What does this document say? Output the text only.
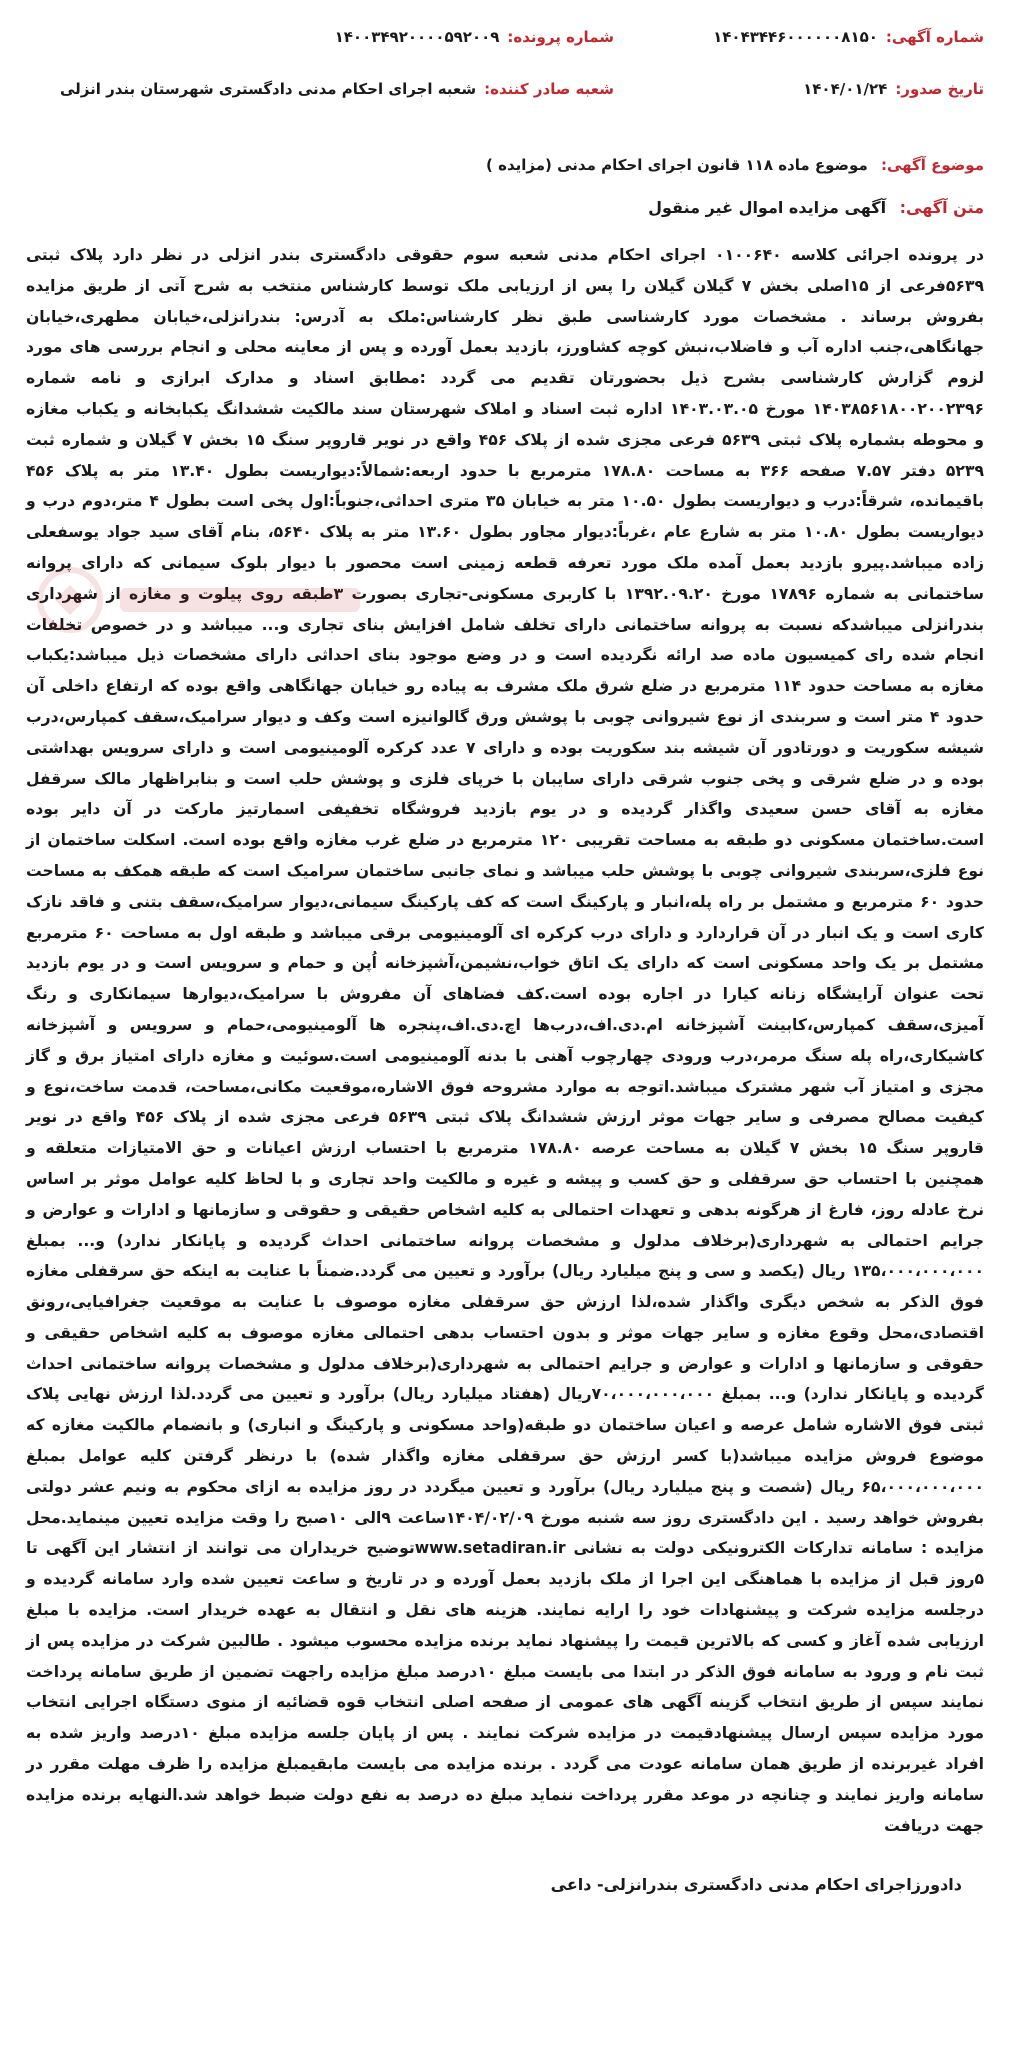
شماره آگهی:
۱۴۰۴۳۴۴۶۰۰۰۰۰۰۸۱۵۰
شماره پرونده:
۱۴۰۰۳۴۹۲۰۰۰۰۵۹۲۰۰۹
تاریخ صدور:
۱۴۰۴/۰۱/۲۴
شعبه صادر کننده:
شعبه اجرای احکام مدنی دادگستری شهرستان بندر انزلی
موضوع آگهی: موضوع ماده ۱۱۸ قانون اجرای احکام مدنی (مزایده )
متن آگهی: آگهی مزایده اموال غیر منقول
در پرونده اجرائی کلاسه ۰۱۰۰۶۴۰ اجرای احکام مدنی شعبه سوم حقوقی دادگستری بندر انزلی در نظر دارد پلاک ثبتی ۵۶۳۹فرعی از ۱۵اصلی بخش ۷ گیلان گیلان را پس از ارزیابی ملک توسط کارشناس منتخب به شرح آتی از طریق مزایده بفروش برساند . مشخصات مورد کارشناسی طبق نظر کارشناس:ملک به آدرس: بندرانزلی،خیابان مطهری،خیابان جهانگاهی،جنب اداره آب و فاضلاب،نبش کوچه کشاورز، بازدید بعمل آورده و پس از معاینه محلی و انجام بررسی های مورد لزوم گزارش کارشناسی بشرح ذیل بحضورتان تقدیم می گردد :مطابق اسناد و مدارک ابرازی و نامه شماره ۱۴۰۳۸۵۶۱۸۰۰۲۰۰۲۳۹۶ مورخ ۱۴۰۳.۰۳.۰۵ اداره ثبت اسناد و املاک شهرستان سند مالکیت ششدانگ یکبابخانه و یکباب مغازه و محوطه بشماره پلاک ثبتی ۵۶۳۹ فرعی مجزی شده از پلاک ۴۵۶ واقع در نویر قاروپر سنگ ۱۵ بخش ۷ گیلان و شماره ثبت ۵۲۳۹ دفتر ۷.۵۷ صفحه ۳۶۶ به مساحت ۱۷۸.۸۰ مترمربع با حدود اربعه:شمالاً:دیواریست بطول ۱۳.۴۰ متر به پلاک ۴۵۶ باقیمانده، شرقاً:درب و دیواریست بطول ۱۰.۵۰ متر به خیابان ۳۵ متری احداثی،جنوباً:اول پخی است بطول ۴ متر،دوم درب و دیواریست بطول ۱۰.۸۰ متر به شارع عام ،غرباً:دیوار مجاور بطول ۱۳.۶۰ متر به پلاک ۵۶۴۰، بنام آقای سید جواد یوسفعلی زاده میباشد.پیرو بازدید بعمل آمده ملک مورد تعرفه قطعه زمینی است محصور با دیوار بلوک سیمانی که دارای پروانه ساختمانی به شماره ۱۷۸۹۶ مورخ ۱۳۹۲.۰۹.۲۰ با کاربری مسکونی-تجاری بصورت ۳طبقه روی پیلوت و مغازه از شهرداری بندرانزلی میباشدکه نسبت به پروانه ساختمانی دارای تخلف شامل افزایش بنای تجاری و... میباشد و در خصوص تخلفات انجام شده رای کمیسیون ماده صد ارائه نگردیده است و در وضع موجود بنای احداثی دارای مشخصات ذیل میباشد:یکباب مغازه به مساحت حدود ۱۱۴ مترمربع در ضلع شرق ملک مشرف به پیاده رو خیابان جهانگاهی واقع بوده که ارتفاع داخلی آن حدود ۴ متر است و سربندی از نوع شیروانی چوبی با پوشش ورق گالوانیزه است وکف و دیوار سرامیک،سقف کمپارس،درب شیشه سکوریت و دورتادور آن شیشه بند سکوریت بوده و دارای ۷ عدد کرکره آلومینیومی است و دارای سرویس بهداشتی بوده و در ضلع شرقی و پخی جنوب شرقی دارای سایبان با خرپای فلزی و پوشش حلب است و بنابراظهار مالک سرقفل مغازه به آقای حسن سعیدی واگذار گردیده و در یوم بازدید فروشگاه تخفیفی اسمارتیز مارکت در آن دایر بوده است.ساختمان مسکونی دو طبقه به مساحت تقریبی ۱۲۰ مترمربع در ضلع غرب مغازه واقع بوده است. اسکلت ساختمان از نوع فلزی،سربندی شیروانی چوبی با پوشش حلب میباشد و نمای جانبی ساختمان سرامیک است که طبقه همکف به مساحت حدود ۶۰ مترمربع و مشتمل بر راه پله،انبار و پارکینگ است که کف پارکینگ سیمانی،دیوار سرامیک،سقف بتنی و فاقد نازک کاری است و یک انبار در آن قراردارد و دارای درب کرکره ای آلومینیومی برقی میباشد و طبقه اول به مساحت ۶۰ مترمربع مشتمل بر یک واحد مسکونی است که دارای یک اتاق خواب،نشیمن،آشپزخانه اُپن و حمام و سرویس است و در یوم بازدید تحت عنوان آرایشگاه زنانه کیارا در اجاره بوده است.کف فضاهای آن مفروش با سرامیک،دیوارها سیمانکاری و رنگ آمیزی،سقف کمپارس،کابینت آشپزخانه ام.دی.اف،درب‌ها اچ.دی.اف،پنجره ها آلومینیومی،حمام و سرویس و آشپزخانه کاشیکاری،راه پله سنگ مرمر،درب ورودی چهارچوب آهنی با بدنه آلومینیومی است.سوئیت و مغازه دارای امتیاز برق و گاز مجزی و امتیاز آب شهر مشترک میباشد.اتوجه به موارد مشروحه فوق الاشاره،موقعیت مکانی،مساحت، قدمت ساخت،نوع و کیفیت مصالح مصرفی و سایر جهات موثر ارزش ششدانگ پلاک ثبتی ۵۶۳۹ فرعی مجزی شده از پلاک ۴۵۶ واقع در نویر قاروپر سنگ ۱۵ بخش ۷ گیلان به مساحت عرصه ۱۷۸.۸۰ مترمربع با احتساب ارزش اعیانات و حق الامتیازات متعلقه و همچنین با احتساب حق سرقفلی و حق کسب و پیشه و غیره و مالکیت واحد تجاری و با لحاظ کلیه عوامل موثر بر اساس نرخ عادله روز، فارغ از هرگونه بدهی و تعهدات احتمالی به کلیه اشخاص حقیقی و حقوقی و سازمانها و ادارات و عوارض و جرایم احتمالی به شهرداری(برخلاف مدلول و مشخصات پروانه ساختمانی احداث گردیده و پایانکار ندارد) و... بمبلغ ۱۳۵،۰۰۰،۰۰۰،۰۰۰ ریال (یکصد و سی و پنج میلیارد ریال) برآورد و تعیین می گردد.ضمناً با عنایت به اینکه حق سرقفلی مغازه فوق الذکر به شخص دیگری واگذار شده،لذا ارزش حق سرقفلی مغازه موصوف با عنایت به موقعیت جغرافیایی،رونق اقتصادی،محل وقوع مغازه و سایر جهات موثر و بدون احتساب بدهی احتمالی مغازه موصوف به کلیه اشخاص حقیقی و حقوقی و سازمانها و ادارات و عوارض و جرایم احتمالی به شهرداری(برخلاف مدلول و مشخصات پروانه ساختمانی احداث گردیده و پایانکار ندارد) و... بمبلغ ۷۰،۰۰۰،۰۰۰،۰۰۰ریال (هفتاد میلیارد ریال) برآورد و تعیین می گردد.لذا ارزش نهایی پلاک ثبتی فوق الاشاره شامل عرصه و اعیان ساختمان دو طبقه(واحد مسکونی و پارکینگ و انباری) و بانضمام مالکیت مغازه که موضوع فروش مزایده میباشد(با کسر ارزش حق سرقفلی مغازه واگذار شده) با درنظر گرفتن کلیه عوامل بمبلغ ۶۵،۰۰۰،۰۰۰،۰۰۰ ریال (شصت و پنج میلیارد ریال) برآورد و تعیین میگردد در روز مزایده به ازای محکوم به ونیم عشر دولتی بفروش خواهد رسید . این دادگستری روز سه شنبه مورخ ۱۴۰۴/۰۲/۰۹ساعت ۹الی ۱۰صبح را وقت مزایده تعیین مینماید.محل مزایده : سامانه تدارکات الکترونیکی دولت به نشانی www.setadiran.irتوضیح خریداران می توانند از انتشار این آگهی تا ۵روز قبل از مزایده با هماهنگی این اجرا از ملک بازدید بعمل آورده و در تاریخ و ساعت تعیین شده وارد سامانه گردیده و درجلسه مزایده شرکت و پیشنهادات خود را ارایه نمایند. هزینه های نقل و انتقال به عهده خریدار است. مزایده با مبلغ ارزیابی شده آغاز و کسی که بالاترین قیمت را پیشنهاد نماید برنده مزایده محسوب میشود . طالبین شرکت در مزایده پس از ثبت نام و ورود به سامانه فوق الذکر در ابتدا می بایست مبلغ ۱۰درصد مبلغ مزایده راجهت تضمین از طریق سامانه پرداخت نمایند سپس از طریق انتخاب گزینه آگهی های عمومی از صفحه اصلی انتخاب قوه قضائیه از منوی دستگاه اجرایی انتخاب مورد مزایده سپس ارسال پیشنهادقیمت در مزایده شرکت نمایند . پس از پایان جلسه مزایده مبلغ ۱۰درصد واریز شده به افراد غیربرنده از طریق همان سامانه عودت می گردد . برنده مزایده می بایست مابقیمبلغ مزایده را ظرف مهلت مقرر در سامانه واریز نمایند و چنانچه در موعد مقرر پرداخت ننماید مبلغ ده درصد به نفع دولت ضبط خواهد شد.النهایه برنده مزایده جهت دریافت
دادورزاجرای احکام مدنی دادگستری بندرانزلی- داعی
